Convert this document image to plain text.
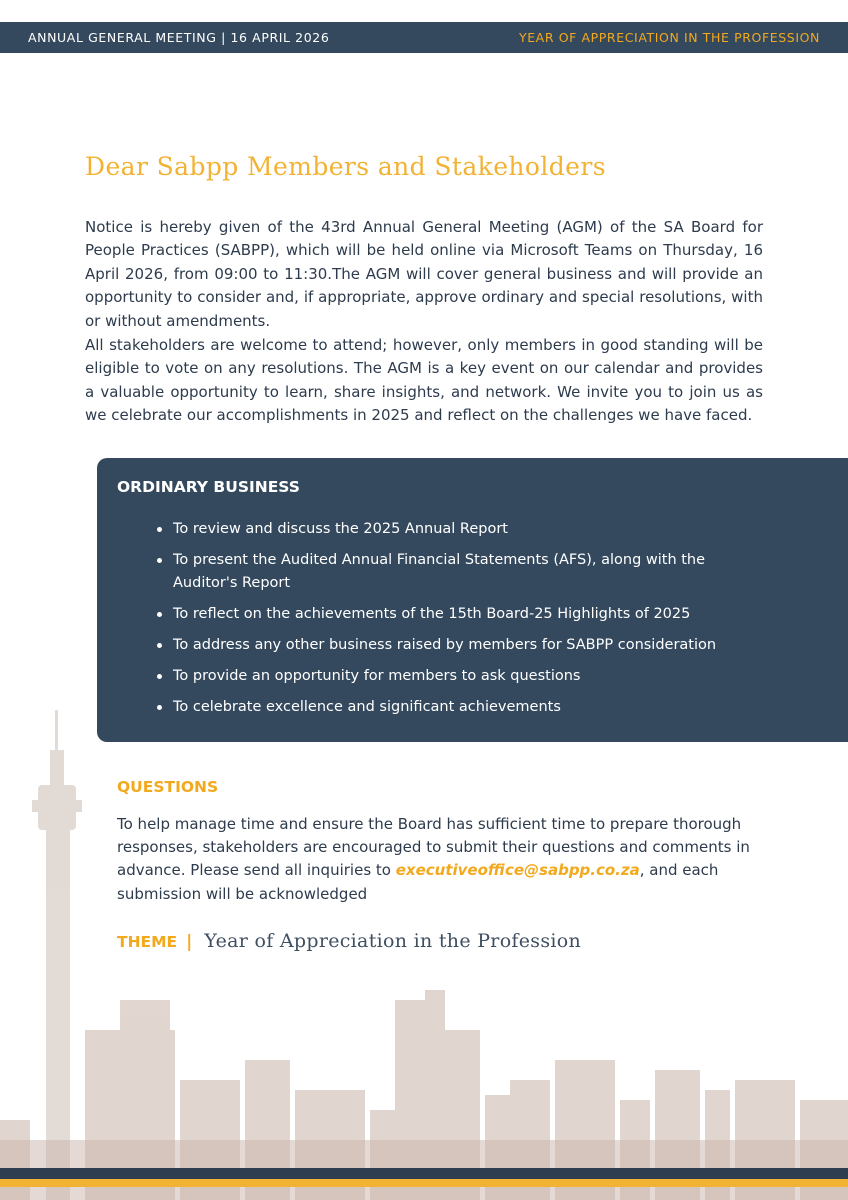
ANNUAL GENERAL MEETING | 16 APRIL 2026	YEAR OF APPRECIATION IN THE PROFESSION
Dear Sabpp Members and Stakeholders

Notice is hereby given of the 43rd Annual General Meeting (AGM) of the SA Board for People Practices (SABPP), which will be held online via Microsoft Teams on Thursday, 16 April 2026, from 09:00 to 11:30.The AGM will cover general business and will provide an opportunity to consider and, if appropriate, approve ordinary and special resolutions, with or without amendments.

All stakeholders are welcome to attend; however, only members in good standing will be eligible to vote on any resolutions. The AGM is a key event on our calendar and provides a valuable opportunity to learn, share insights, and network. We invite you to join us as we celebrate our accomplishments in 2025 and reflect on the challenges we have faced.

ORDINARY BUSINESS
To review and discuss the 2025 Annual Report
To present the Audited Annual Financial Statements (AFS), along with the Auditor's Report
To reflect on the achievements of the 15th Board-25 Highlights of 2025
To address any other business raised by members for SABPP consideration
To provide an opportunity for members to ask questions
To celebrate excellence and significant achievements
QUESTIONS

To help manage time and ensure the Board has sufficient time to prepare thorough responses, stakeholders are encouraged to submit their questions and comments in advance. Please send all inquiries to executiveoffice@sabpp.co.za, and each submission will be acknowledged

THEME | Year of Appreciation in the Profession
